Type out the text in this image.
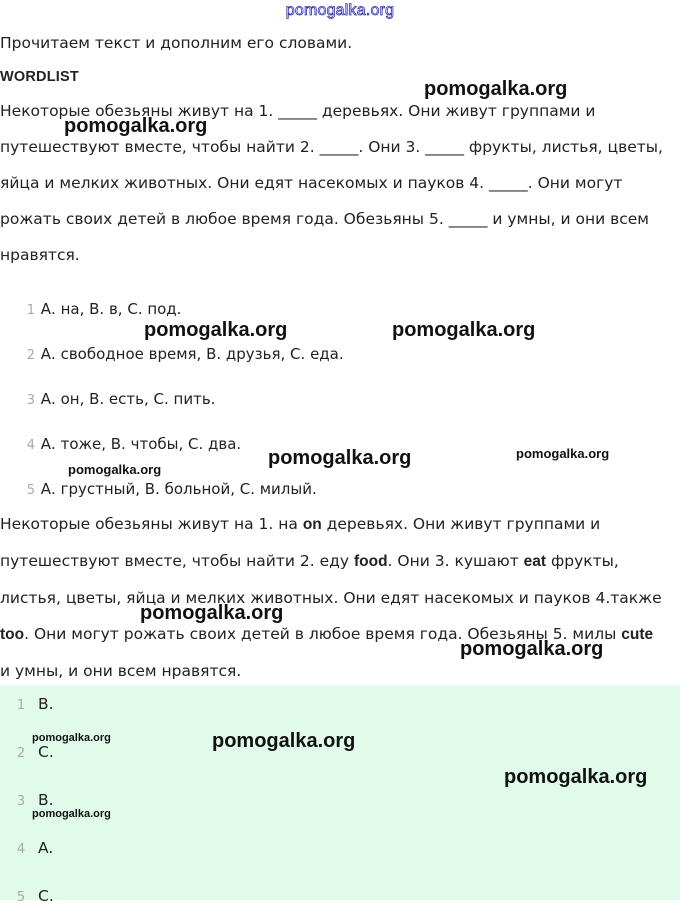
pomogalka.org
Прочитаем текст и дополним его словами.
WORDLIST
Некоторые обезьяны живут на 1. _____ деревьях. Они живут группами и
путешествуют вместе, чтобы найти 2. _____. Они 3. _____ фрукты, листья, цветы,
яйца и мелких животных. Они едят насекомых и пауков 4. _____. Они могут
рожать своих детей в любое время года. Обезьяны 5. _____ и умны, и они всем
нравятся.
1 А. на, В. в, С. под.
2 А. свободное время, В. друзья, С. еда.
3 А. он, В. есть, С. пить.
4 А. тоже, В. чтобы, С. два.
5 А. грустный, В. больной, С. милый.
Некоторые обезьяны живут на 1. на on деревьях. Они живут группами и
путешествуют вместе, чтобы найти 2. еду food. Они 3. кушают eat фрукты,
листья, цветы, яйца и мелких животных. Они едят насекомых и пауков 4.также
too. Они могут рожать своих детей в любое время года. Обезьяны 5. милы cute
и умны, и они всем нравятся.
1 B.
2 C.
3 B.
4 A.
5 C.
pomogalka.org
pomogalka.org
pomogalka.org	pomogalka.org
pomogalka.org	pomogalka.org
pomogalka.org
pomogalka.org
pomogalka.org
pomogalka.org	pomogalka.org
pomogalka.org
pomogalka.org
